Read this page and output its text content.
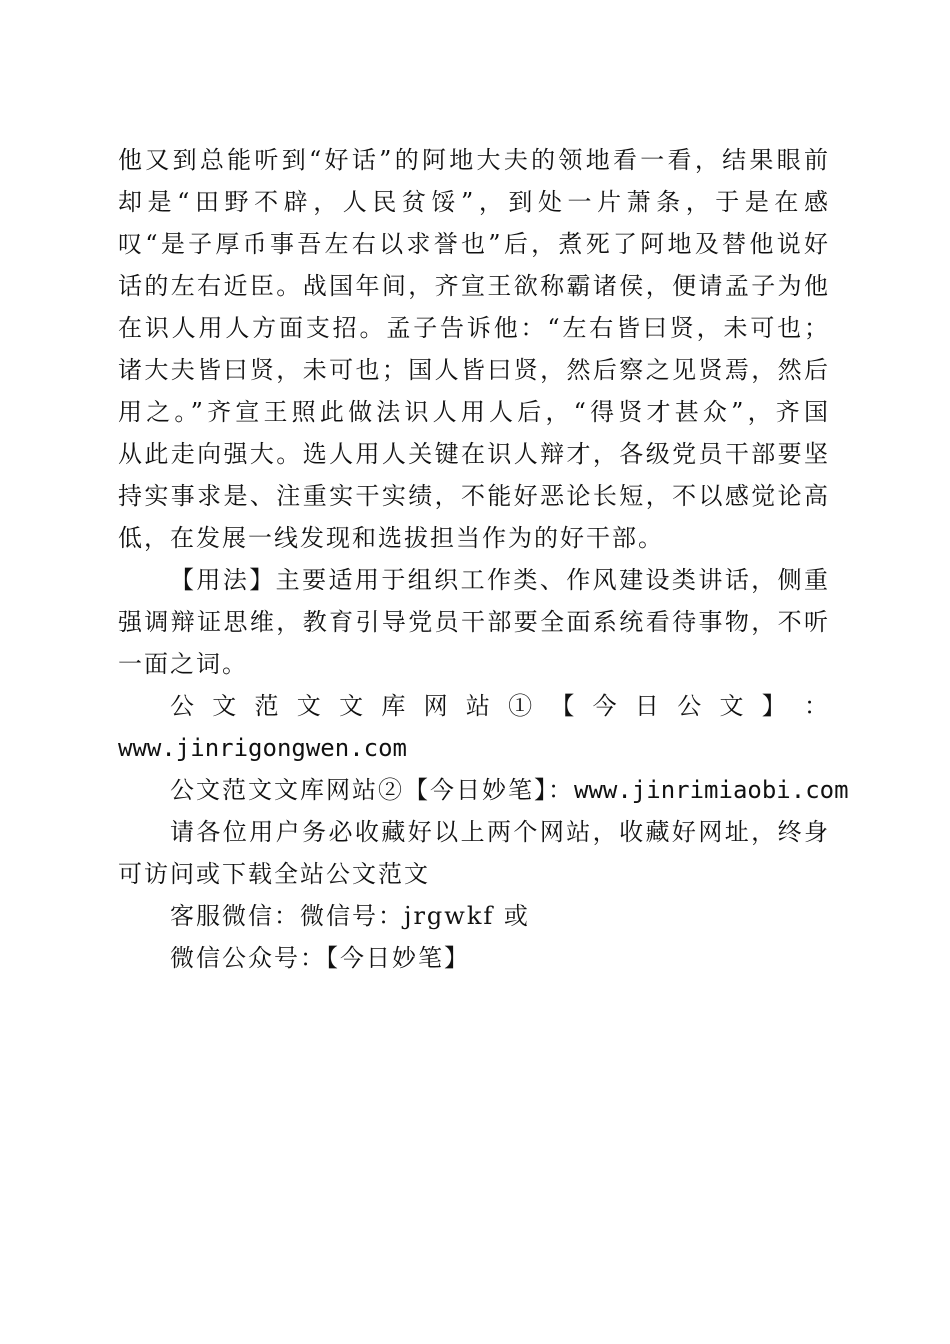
他又到总能听到“好话”的阿地大夫的领地看一看，结果眼前
却是“田野不辟，人民贫馁”，到处一片萧条，于是在感
叹“是子厚币事吾左右以求誉也”后，煮死了阿地及替他说好
话的左右近臣。战国年间，齐宣王欲称霸诸侯，便请孟子为他
在识人用人方面支招。孟子告诉他：“左右皆曰贤，未可也；
诸大夫皆曰贤，未可也；国人皆曰贤，然后察之见贤焉，然后
用之。”齐宣王照此做法识人用人后，“得贤才甚众”，齐国
从此走向强大。选人用人关键在识人辩才，各级党员干部要坚
持实事求是、注重实干实绩，不能好恶论长短，不以感觉论高
低，在发展一线发现和选拔担当作为的好干部。
【用法】主要适用于组织工作类、作风建设类讲话，侧重
强调辩证思维，教育引导党员干部要全面系统看待事物，不听
一面之词。
公 文 范 文 文 库 网 站 ① 【 今 日 公 文 】 ：
www.jinrigongwen.com
公文范文文库网站②【今日妙笔】：www.jinrimiaobi.com
请各位用户务必收藏好以上两个网站，收藏好网址，终身
可访问或下载全站公文范文
客服微信：微信号：jrgwkf 或
微信公众号：【今日妙笔】
